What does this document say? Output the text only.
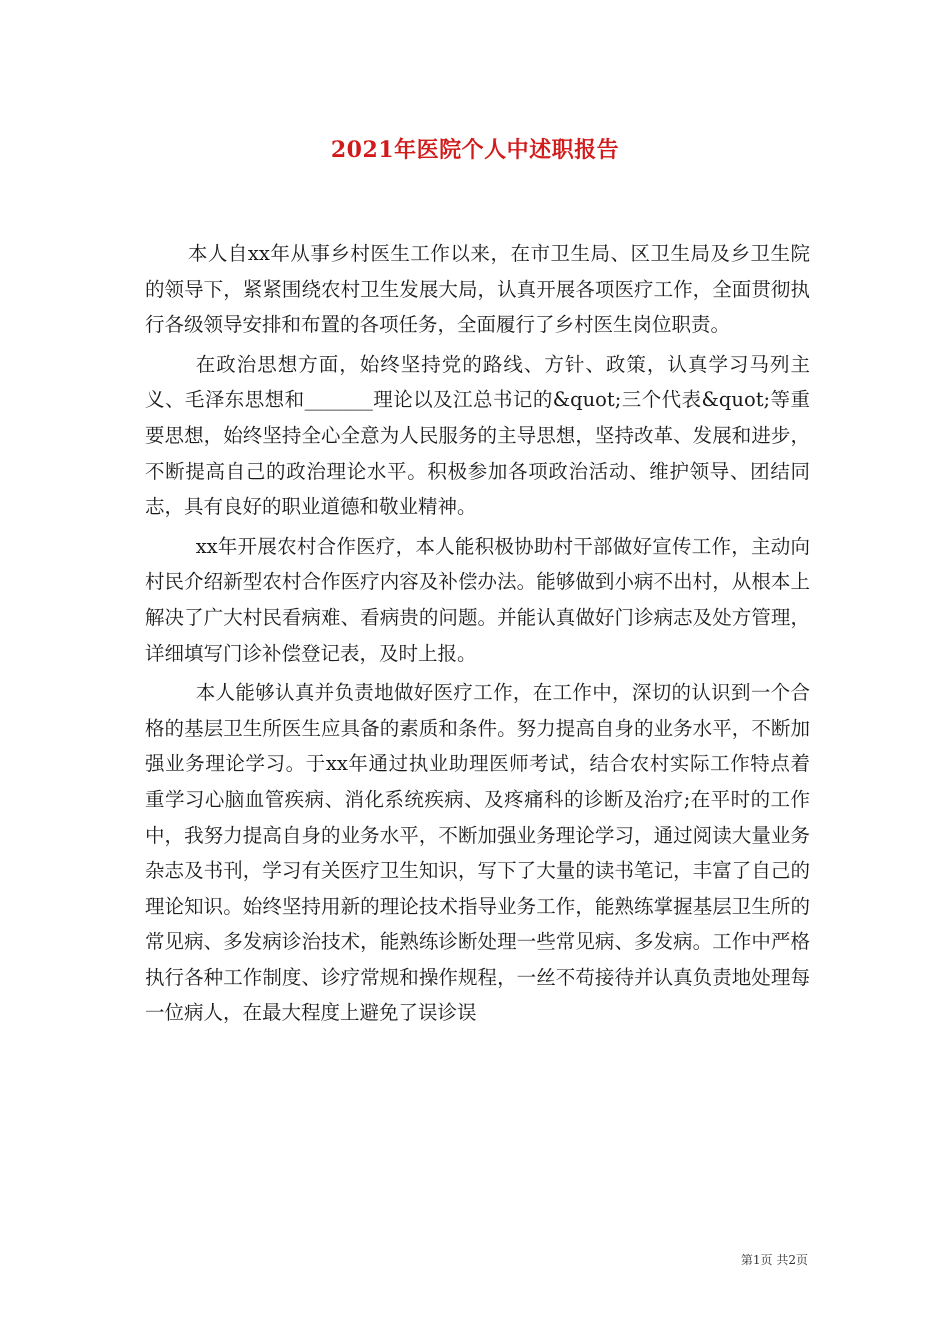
2021年医院个人中述职报告

本人自xx年从事乡村医生工作以来，在市卫生局、区卫生局及乡卫生院的领导下，紧紧围绕农村卫生发展大局，认真开展各项医疗工作，全面贯彻执行各级领导安排和布置的各项任务，全面履行了乡村医生岗位职责。

在政治思想方面，始终坚持党的路线、方针、政策，认真学习马列主义、毛泽东思想和_______理论以及江总书记的&quot;三个代表&quot;等重要思想，始终坚持全心全意为人民服务的主导思想，坚持改革、发展和进步，不断提高自己的政治理论水平。积极参加各项政治活动、维护领导、团结同志，具有良好的职业道德和敬业精神。

xx年开展农村合作医疗，本人能积极协助村干部做好宣传工作，主动向村民介绍新型农村合作医疗内容及补偿办法。能够做到小病不出村，从根本上解决了广大村民看病难、看病贵的问题。并能认真做好门诊病志及处方管理，详细填写门诊补偿登记表，及时上报。

本人能够认真并负责地做好医疗工作，在工作中，深切的认识到一个合格的基层卫生所医生应具备的素质和条件。努力提高自身的业务水平，不断加强业务理论学习。于xx年通过执业助理医师考试，结合农村实际工作特点着重学习心脑血管疾病、消化系统疾病、及疼痛科的诊断及治疗;在平时的工作中，我努力提高自身的业务水平，不断加强业务理论学习，通过阅读大量业务杂志及书刊，学习有关医疗卫生知识，写下了大量的读书笔记，丰富了自己的理论知识。始终坚持用新的理论技术指导业务工作，能熟练掌握基层卫生所的常见病、多发病诊治技术，能熟练诊断处理一些常见病、多发病。工作中严格执行各种工作制度、诊疗常规和操作规程，一丝不苟接待并认真负责地处理每一位病人，在最大程度上避免了误诊误

第1页 共2页
